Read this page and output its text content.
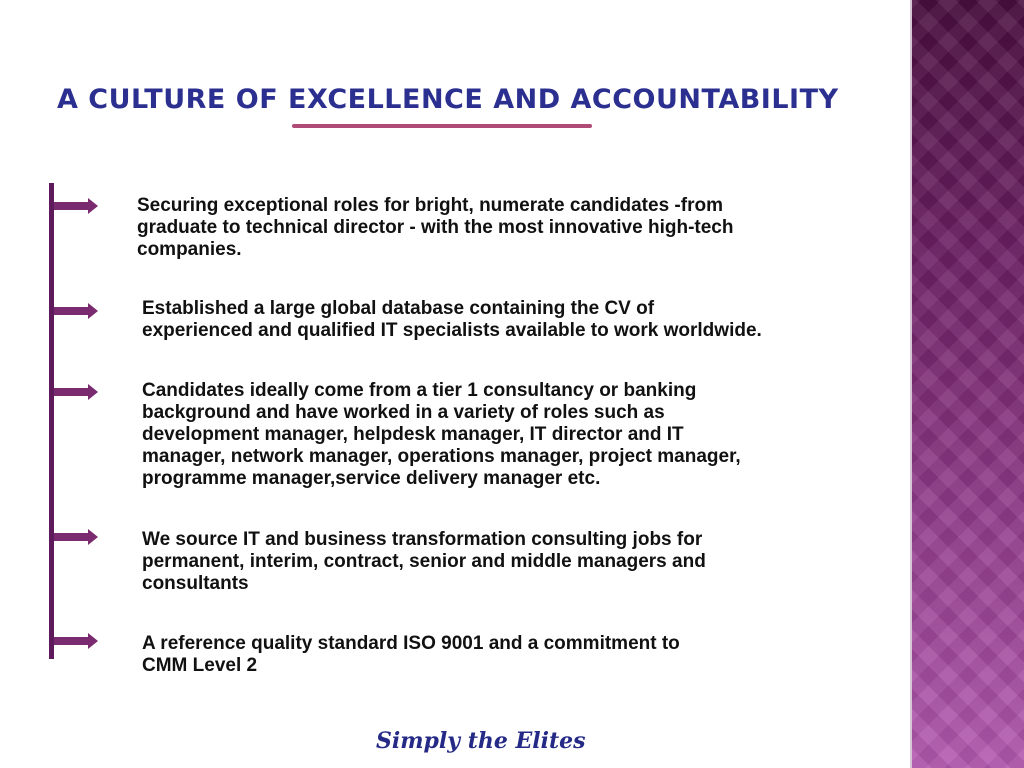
A CULTURE OF EXCELLENCE AND ACCOUNTABILITY

Securing exceptional roles for bright, numerate candidates -from
graduate to technical director - with the most innovative high-tech
companies.

Established a large global database containing the CV of
experienced and qualified IT specialists available to work worldwide.

Candidates ideally come from a tier 1 consultancy or banking
background and have worked in a variety of roles such as
development manager, helpdesk manager, IT director and IT
manager, network manager, operations manager, project manager,
programme manager,service delivery manager etc.

We source IT and business transformation consulting jobs for
permanent, interim, contract, senior and middle managers and
consultants

A reference quality standard ISO 9001 and a commitment to
CMM Level 2

Simply the Elites
